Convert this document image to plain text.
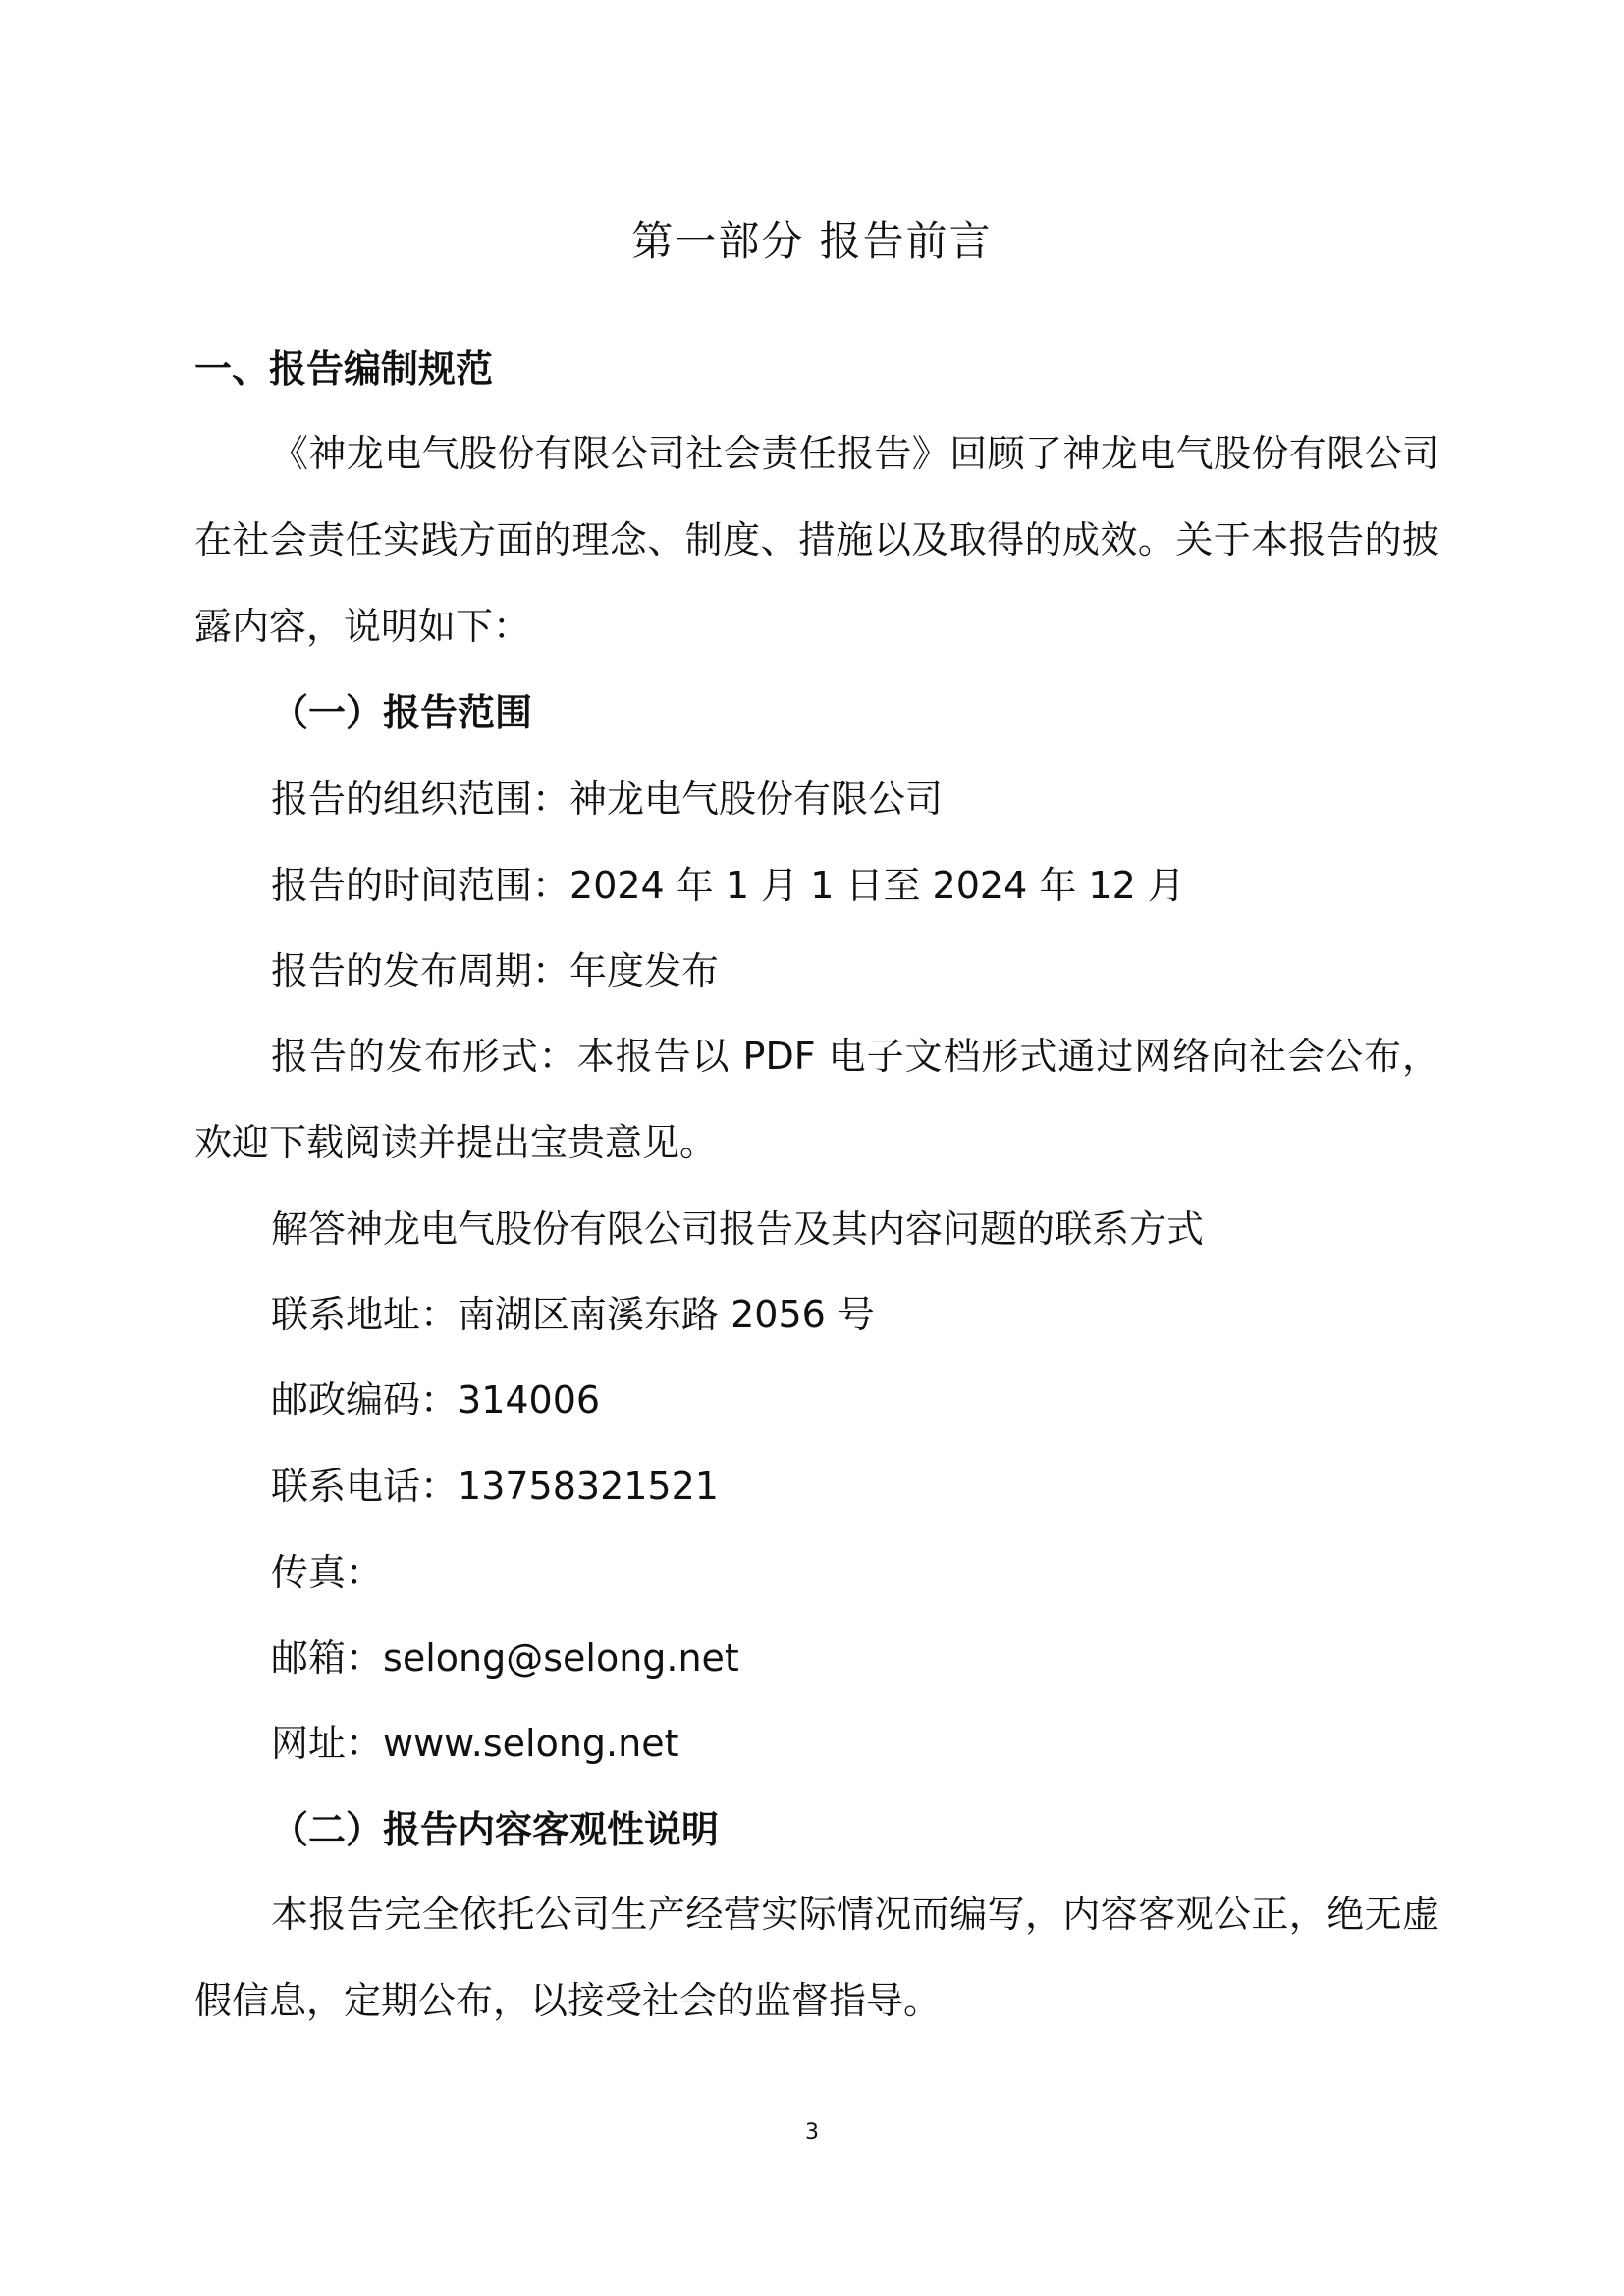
第一部分 报告前言
一、报告编制规范
《神龙电气股份有限公司社会责任报告》回顾了神龙电气股份有限公司在社会责任实践方面的理念、制度、措施以及取得的成效。关于本报告的披露内容，说明如下：
（一）报告范围
报告的组织范围：神龙电气股份有限公司
报告的时间范围：2024 年 1 月 1 日至 2024 年 12 月
报告的发布周期：年度发布
报告的发布形式：本报告以 PDF 电子文档形式通过网络向社会公布，欢迎下载阅读并提出宝贵意见。
解答神龙电气股份有限公司报告及其内容问题的联系方式
联系地址：南湖区南溪东路 2056 号
邮政编码：314006
联系电话：13758321521
传真：
邮箱：selong@selong.net
网址：www.selong.net
（二）报告内容客观性说明
本报告完全依托公司生产经营实际情况而编写，内容客观公正，绝无虚假信息，定期公布，以接受社会的监督指导。
3
